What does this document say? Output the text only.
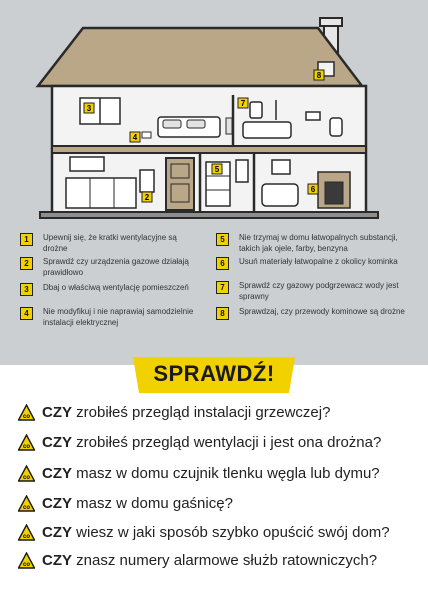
4
2
3
5
6
7
8
1	Upewnij się, że kratki wentylacyjne są drożne
2	Sprawdź czy urządzenia gazowe działają prawidłowo
3	Dbaj o właściwą wentylację pomieszczeń
4	Nie modyfikuj i nie naprawiaj samodzielnie instalacji elektrycznej
5	Nie trzymaj w domu łatwopalnych substancji, takich jak ojele, farby, benzyna
6	Usuń materiały łatwopalne z okolicy kominka
7	Sprawdź czy gazowy podgrzewacz wody jest sprawny
8	Sprawdzaj, czy przewody kominowe są drożne
SPRAWDŹ!
co CZY zrobiłeś przegląd instalacji grzewczej?
co CZY zrobiłeś przegląd wentylacji i jest ona drożna?
co CZY masz w domu czujnik tlenku węgla lub dymu?
co CZY masz w domu gaśnicę?
co CZY wiesz w jaki sposób szybko opuścić swój dom?
co CZY znasz numery alarmowe służb ratowniczych?
